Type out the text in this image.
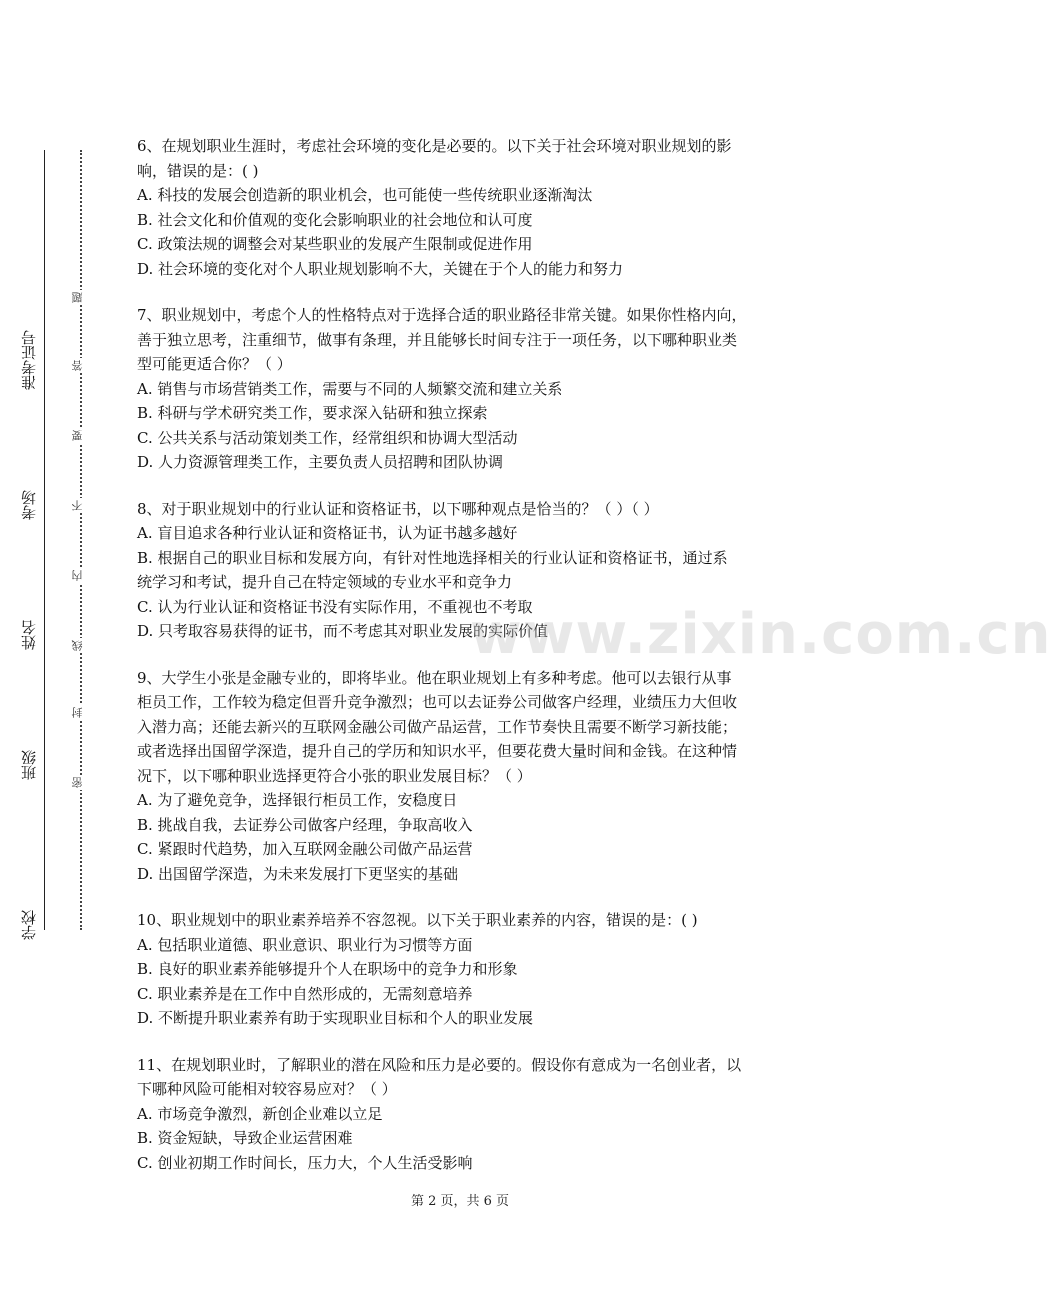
学校
班级
姓名
考场
准考证号
密
封
线
内
不
要
答
题

6、在规划职业生涯时，考虑社会环境的变化是必要的。以下关于社会环境对职业规划的影

响，错误的是：( )

A. 科技的发展会创造新的职业机会，也可能使一些传统职业逐渐淘汰

B. 社会文化和价值观的变化会影响职业的社会地位和认可度

C. 政策法规的调整会对某些职业的发展产生限制或促进作用

D. 社会环境的变化对个人职业规划影响不大，关键在于个人的能力和努力

7、职业规划中，考虑个人的性格特点对于选择合适的职业路径非常关键。如果你性格内向，

善于独立思考，注重细节，做事有条理，并且能够长时间专注于一项任务，以下哪种职业类

型可能更适合你？（ ）

A. 销售与市场营销类工作，需要与不同的人频繁交流和建立关系

B. 科研与学术研究类工作，要求深入钻研和独立探索

C. 公共关系与活动策划类工作，经常组织和协调大型活动

D. 人力资源管理类工作，主要负责人员招聘和团队协调

8、对于职业规划中的行业认证和资格证书，以下哪种观点是恰当的？（ ）（ ）

A. 盲目追求各种行业认证和资格证书，认为证书越多越好

B. 根据自己的职业目标和发展方向，有针对性地选择相关的行业认证和资格证书，通过系

统学习和考试，提升自己在特定领域的专业水平和竞争力

C. 认为行业认证和资格证书没有实际作用，不重视也不考取

D. 只考取容易获得的证书，而不考虑其对职业发展的实际价值

9、大学生小张是金融专业的，即将毕业。他在职业规划上有多种考虑。他可以去银行从事

柜员工作，工作较为稳定但晋升竞争激烈；也可以去证券公司做客户经理，业绩压力大但收

入潜力高；还能去新兴的互联网金融公司做产品运营，工作节奏快且需要不断学习新技能；

或者选择出国留学深造，提升自己的学历和知识水平，但要花费大量时间和金钱。在这种情

况下，以下哪种职业选择更符合小张的职业发展目标？（ ）

A. 为了避免竞争，选择银行柜员工作，安稳度日

B. 挑战自我，去证券公司做客户经理，争取高收入

C. 紧跟时代趋势，加入互联网金融公司做产品运营

D. 出国留学深造，为未来发展打下更坚实的基础

10、职业规划中的职业素养培养不容忽视。以下关于职业素养的内容，错误的是：( )

A. 包括职业道德、职业意识、职业行为习惯等方面

B. 良好的职业素养能够提升个人在职场中的竞争力和形象

C. 职业素养是在工作中自然形成的，无需刻意培养

D. 不断提升职业素养有助于实现职业目标和个人的职业发展

11、在规划职业时，了解职业的潜在风险和压力是必要的。假设你有意成为一名创业者，以

下哪种风险可能相对较容易应对？（ ）

A. 市场竞争激烈，新创企业难以立足

B. 资金短缺，导致企业运营困难

C. 创业初期工作时间长，压力大，个人生活受影响

www.zixin.com.cn
第 2 页，共 6 页
